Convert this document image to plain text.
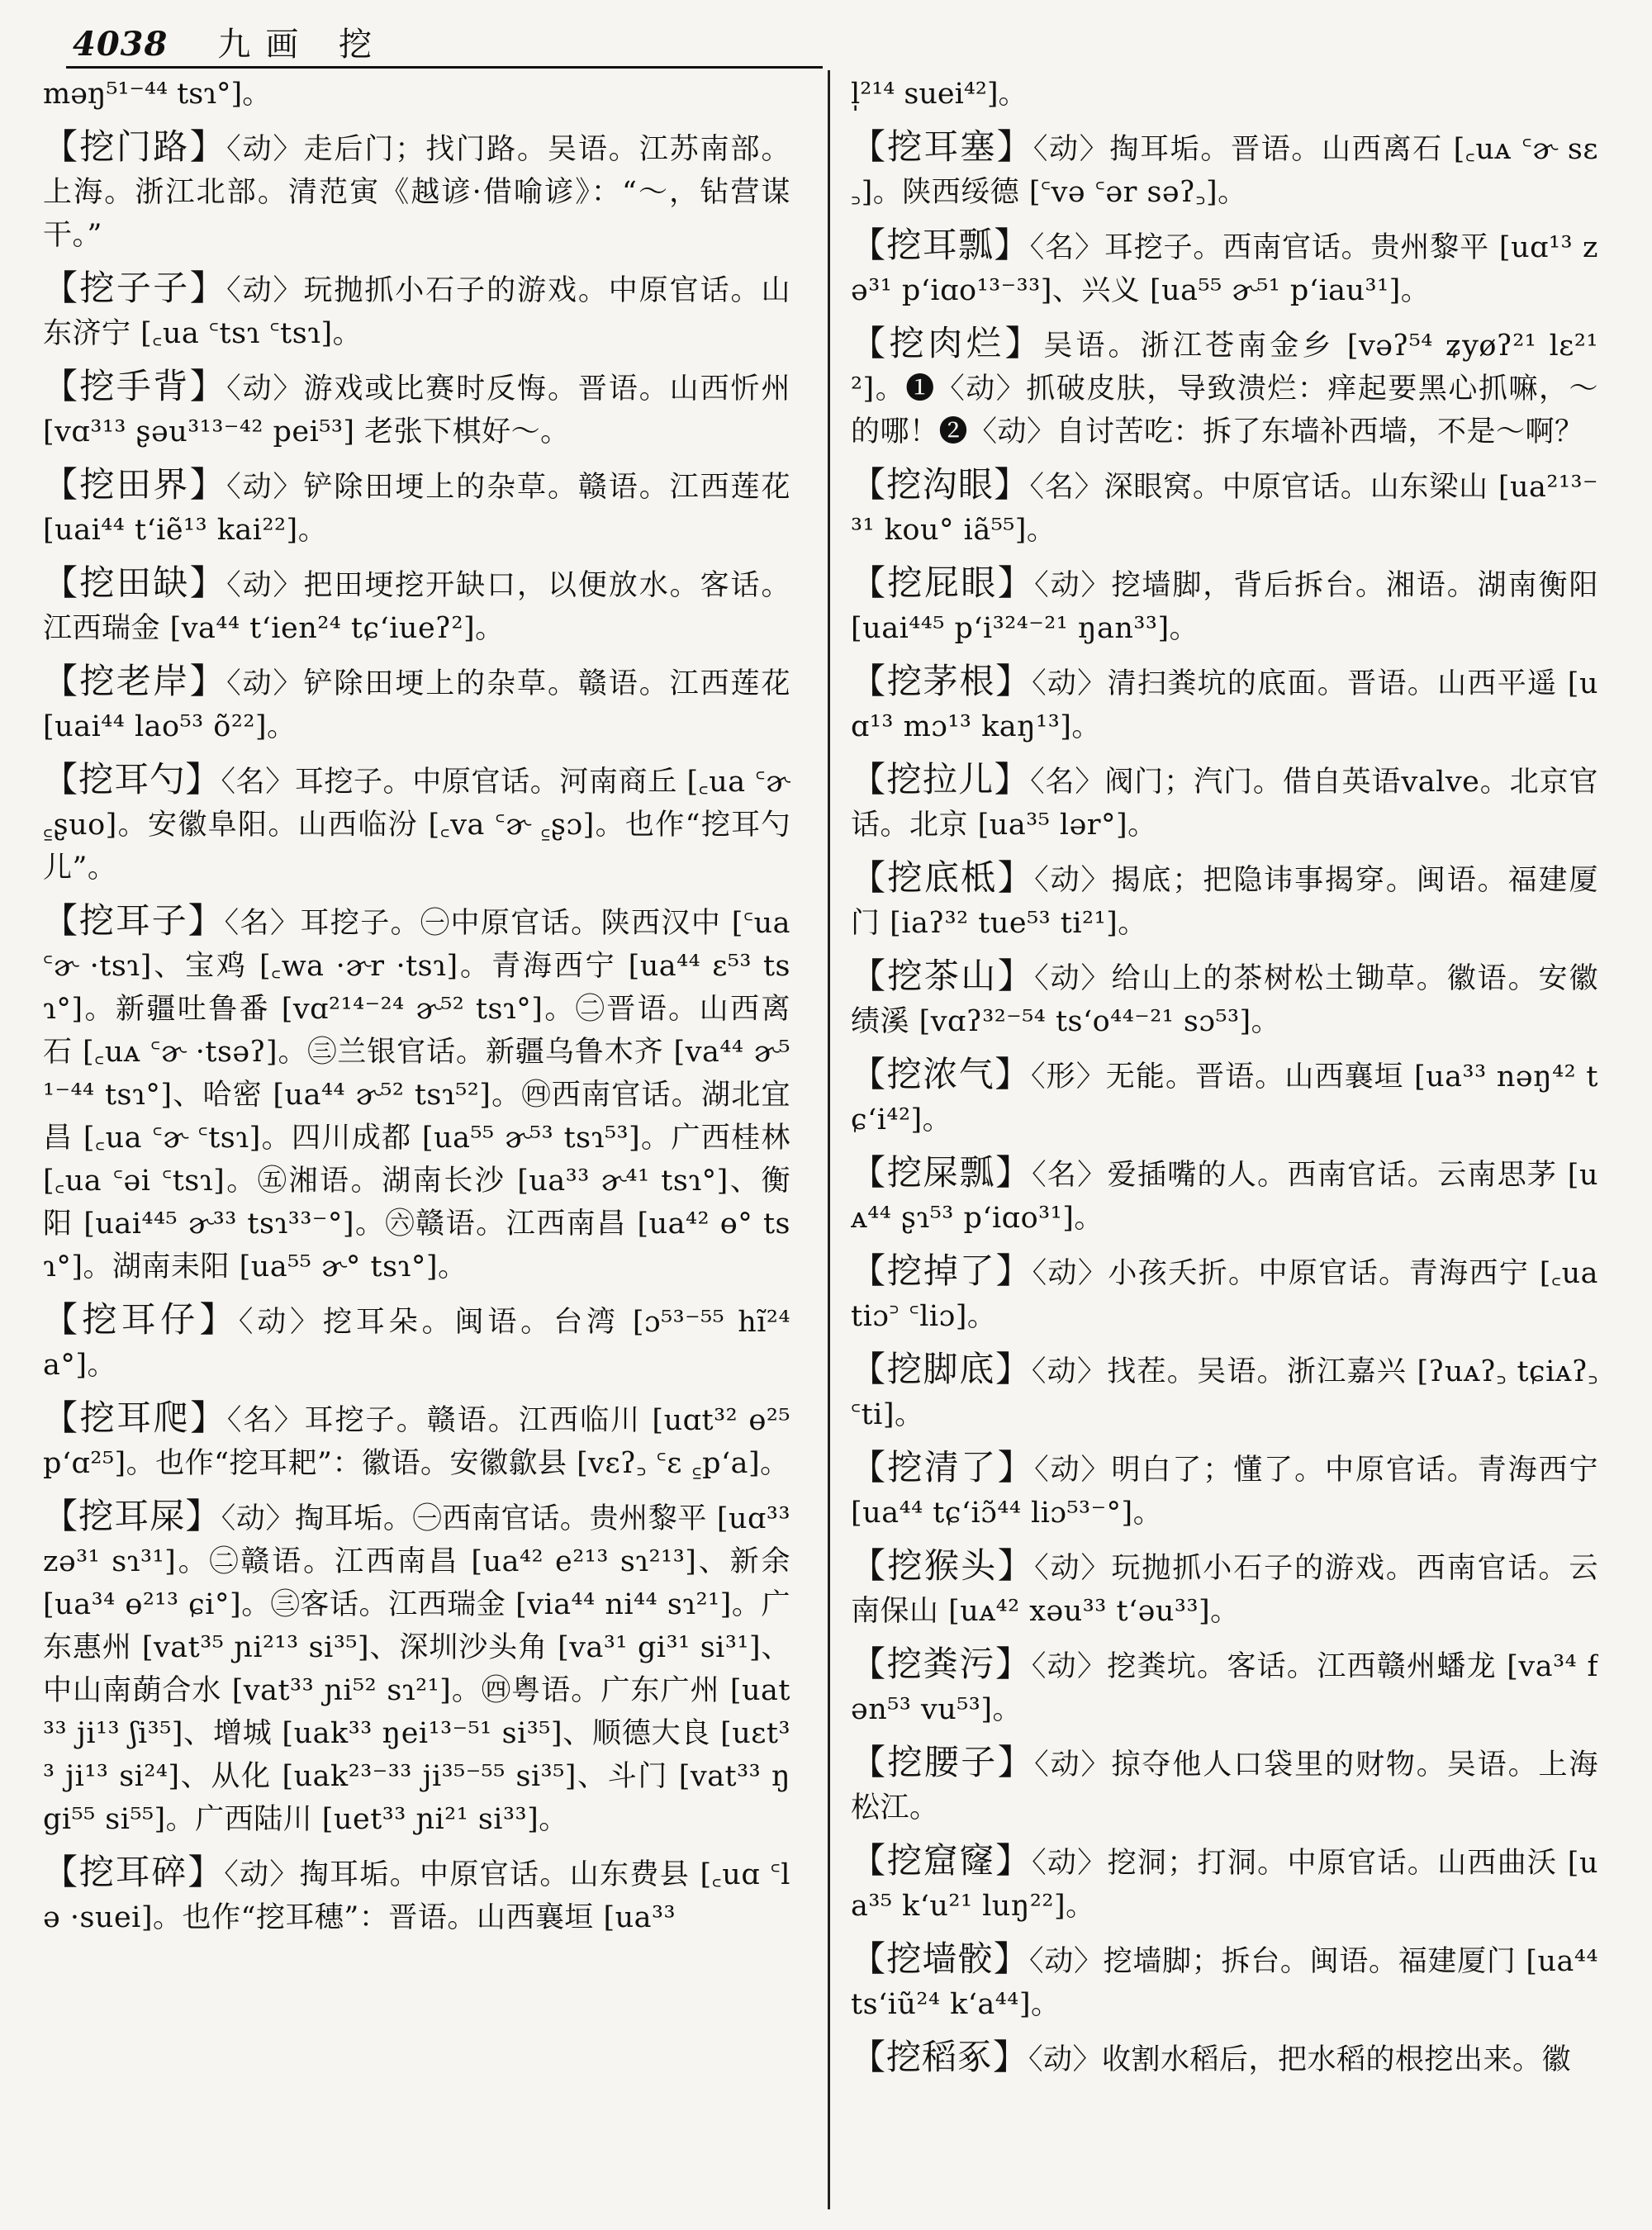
4038 九画 挖
məŋ⁵¹⁻⁴⁴ tsɿ°]。
【挖门路】〈动〉走后门；找门路。吴语。江苏南部。上海。浙江北部。清范寅《越谚·借喻谚》：“～，钻营谋干。”
【挖子子】〈动〉玩抛抓小石子的游戏。中原官话。山东济宁 [꜀ua ꜂tsɿ ꜂tsɿ]。
【挖手背】〈动〉游戏或比赛时反悔。晋语。山西忻州 [vɑ³¹³ ʂəu³¹³⁻⁴² pei⁵³] 老张下棋好～。
【挖田界】〈动〉铲除田埂上的杂草。赣语。江西莲花 [uai⁴⁴ tʻiẽ¹³ kai²²]。
【挖田缺】〈动〉把田埂挖开缺口，以便放水。客话。江西瑞金 [va⁴⁴ tʻien²⁴ tɕʻiueʔ²]。
【挖老岸】〈动〉铲除田埂上的杂草。赣语。江西莲花 [uai⁴⁴ lao⁵³ õ²²]。
【挖耳勺】〈名〉耳挖子。中原官话。河南商丘 [꜀ua ꜂ɚ ꜁ʂuo]。安徽阜阳。山西临汾 [꜀va ꜂ɚ ꜁ʂɔ]。也作“挖耳勺儿”。
【挖耳子】〈名〉耳挖子。㊀中原官话。陕西汉中 [꜂ua ꜂ɚ ·tsɿ]、宝鸡 [꜀wa ·ɚr ·tsɿ]。青海西宁 [ua⁴⁴ ɛ⁵³ tsɿ°]。新疆吐鲁番 [vɑ²¹⁴⁻²⁴ ɚ⁵² tsɿ°]。㊁晋语。山西离石 [꜀uᴀ ꜂ɚ ·tsəʔ]。㊂兰银官话。新疆乌鲁木齐 [va⁴⁴ ɚ⁵¹⁻⁴⁴ tsɿ°]、哈密 [ua⁴⁴ ɚ⁵² tsɿ⁵²]。㊃西南官话。湖北宜昌 [꜀ua ꜂ɚ ꜂tsɿ]。四川成都 [ua⁵⁵ ɚ⁵³ tsɿ⁵³]。广西桂林 [꜀ua ꜂əi ꜂tsɿ]。㊄湘语。湖南长沙 [ua³³ ɚ⁴¹ tsɿ°]、衡阳 [uai⁴⁴⁵ ɚ³³ tsɿ³³⁻°]。㊅赣语。江西南昌 [ua⁴² ɵ° tsɿ°]。湖南耒阳 [ua⁵⁵ ɚ° tsɿ°]。
【挖耳仔】〈动〉挖耳朵。闽语。台湾 [ɔ⁵³⁻⁵⁵ hĩ²⁴ a°]。
【挖耳爬】〈名〉耳挖子。赣语。江西临川 [uɑt³² ɵ²⁵ pʻɑ²⁵]。也作“挖耳耙”：徽语。安徽歙县 [vɛʔ꜆ ꜂ɛ ꜁pʻa]。
【挖耳屎】〈动〉掏耳垢。㊀西南官话。贵州黎平 [uɑ³³ zə³¹ sɿ³¹]。㊁赣语。江西南昌 [ua⁴² e²¹³ sɿ²¹³]、新余 [ua³⁴ ɵ²¹³ ɕi°]。㊂客话。江西瑞金 [via⁴⁴ ni⁴⁴ sɿ²¹]。广东惠州 [vat³⁵ ɲi²¹³ si³⁵]、深圳沙头角 [va³¹ gi³¹ si³¹]、中山南蓢合水 [vat³³ ɲi⁵² sɿ²¹]。㊃粤语。广东广州 [uat³³ ji¹³ ʃi³⁵]、增城 [uak³³ ŋei¹³⁻⁵¹ si³⁵]、顺德大良 [uɛt³³ ji¹³ si²⁴]、从化 [uak²³⁻³³ ji³⁵⁻⁵⁵ si³⁵]、斗门 [vat³³ ŋgi⁵⁵ si⁵⁵]。广西陆川 [uet³³ ɲi²¹ si³³]。
【挖耳碎】〈动〉掏耳垢。中原官话。山东费县 [꜀uɑ ꜂lə ·suei]。也作“挖耳穗”：晋语。山西襄垣 [ua³³
l̩²¹⁴ suei⁴²]。
【挖耳塞】〈动〉掏耳垢。晋语。山西离石 [꜀uᴀ ꜂ɚ sɛ꜆]。陕西绥德 [꜂və ꜂ər səʔ꜆]。
【挖耳瓢】〈名〉耳挖子。西南官话。贵州黎平 [uɑ¹³ zə³¹ pʻiɑo¹³⁻³³]、兴义 [ua⁵⁵ ɚ⁵¹ pʻiau³¹]。
【挖肉烂】吴语。浙江苍南金乡 [vəʔ⁵⁴ ʑyøʔ²¹ lɛ²¹²]。❶〈动〉抓破皮肤，导致溃烂：痒起要黑心抓嘛，～的哪！❷〈动〉自讨苦吃：拆了东墙补西墙，不是～啊？
【挖沟眼】〈名〉深眼窝。中原官话。山东梁山 [ua²¹³⁻³¹ kou° iã⁵⁵]。
【挖屁眼】〈动〉挖墙脚，背后拆台。湘语。湖南衡阳 [uai⁴⁴⁵ pʻi³²⁴⁻²¹ ŋan³³]。
【挖茅根】〈动〉清扫粪坑的底面。晋语。山西平遥 [uɑ¹³ mɔ¹³ kaŋ¹³]。
【挖拉儿】〈名〉阀门；汽门。借自英语valve。北京官话。北京 [ua³⁵ lər°]。
【挖底柢】〈动〉揭底；把隐讳事揭穿。闽语。福建厦门 [iaʔ³² tue⁵³ ti²¹]。
【挖茶山】〈动〉给山上的茶树松土锄草。徽语。安徽绩溪 [vɑʔ³²⁻⁵⁴ tsʻo⁴⁴⁻²¹ sɔ⁵³]。
【挖浓气】〈形〉无能。晋语。山西襄垣 [ua³³ nəŋ⁴² tɕʻi⁴²]。
【挖屎瓢】〈名〉爱插嘴的人。西南官话。云南思茅 [uᴀ⁴⁴ ʂɿ⁵³ pʻiɑo³¹]。
【挖掉了】〈动〉小孩夭折。中原官话。青海西宁 [꜀ua tiɔ꜄ ꜂liɔ]。
【挖脚底】〈动〉找茬。吴语。浙江嘉兴 [ʔuᴀʔ꜆ tɕiᴀʔ꜆ ꜂ti]。
【挖清了】〈动〉明白了；懂了。中原官话。青海西宁 [ua⁴⁴ tɕʻiɔ̃⁴⁴ liɔ⁵³⁻°]。
【挖猴头】〈动〉玩抛抓小石子的游戏。西南官话。云南保山 [uᴀ⁴² xəu³³ tʻəu³³]。
【挖粪污】〈动〉挖粪坑。客话。江西赣州蟠龙 [va³⁴ fən⁵³ vu⁵³]。
【挖腰子】〈动〉掠夺他人口袋里的财物。吴语。上海松江。
【挖窟窿】〈动〉挖洞；打洞。中原官话。山西曲沃 [ua³⁵ kʻu²¹ luŋ²²]。
【挖墙骹】〈动〉挖墙脚；拆台。闽语。福建厦门 [ua⁴⁴ tsʻiũ²⁴ kʻa⁴⁴]。
【挖稻豖】〈动〉收割水稻后，把水稻的根挖出来。徽
